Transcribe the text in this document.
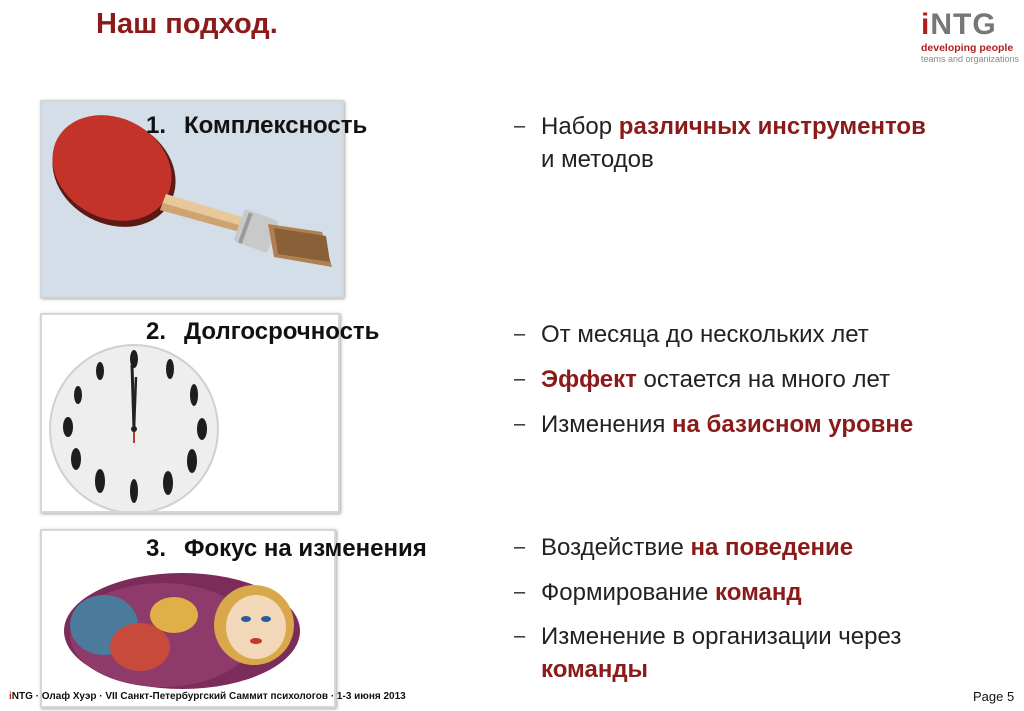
Наш подход.	iNTG
developing people
teams and organizations
1. Комплексность
2. Долгосрочность
3. Фокус на изменения
– Набор различных инструментов
и методов
– От месяца до нескольких лет
– Эффект остается на много лет
– Изменения на базисном уровне
– Воздействие на поведение
– Формирование команд
– Изменение в организации через
команды
iNTG · Олаф Хуэр · VII Санкт-Петербургский Саммит психологов · 1-3 июня 2013	Page 5
